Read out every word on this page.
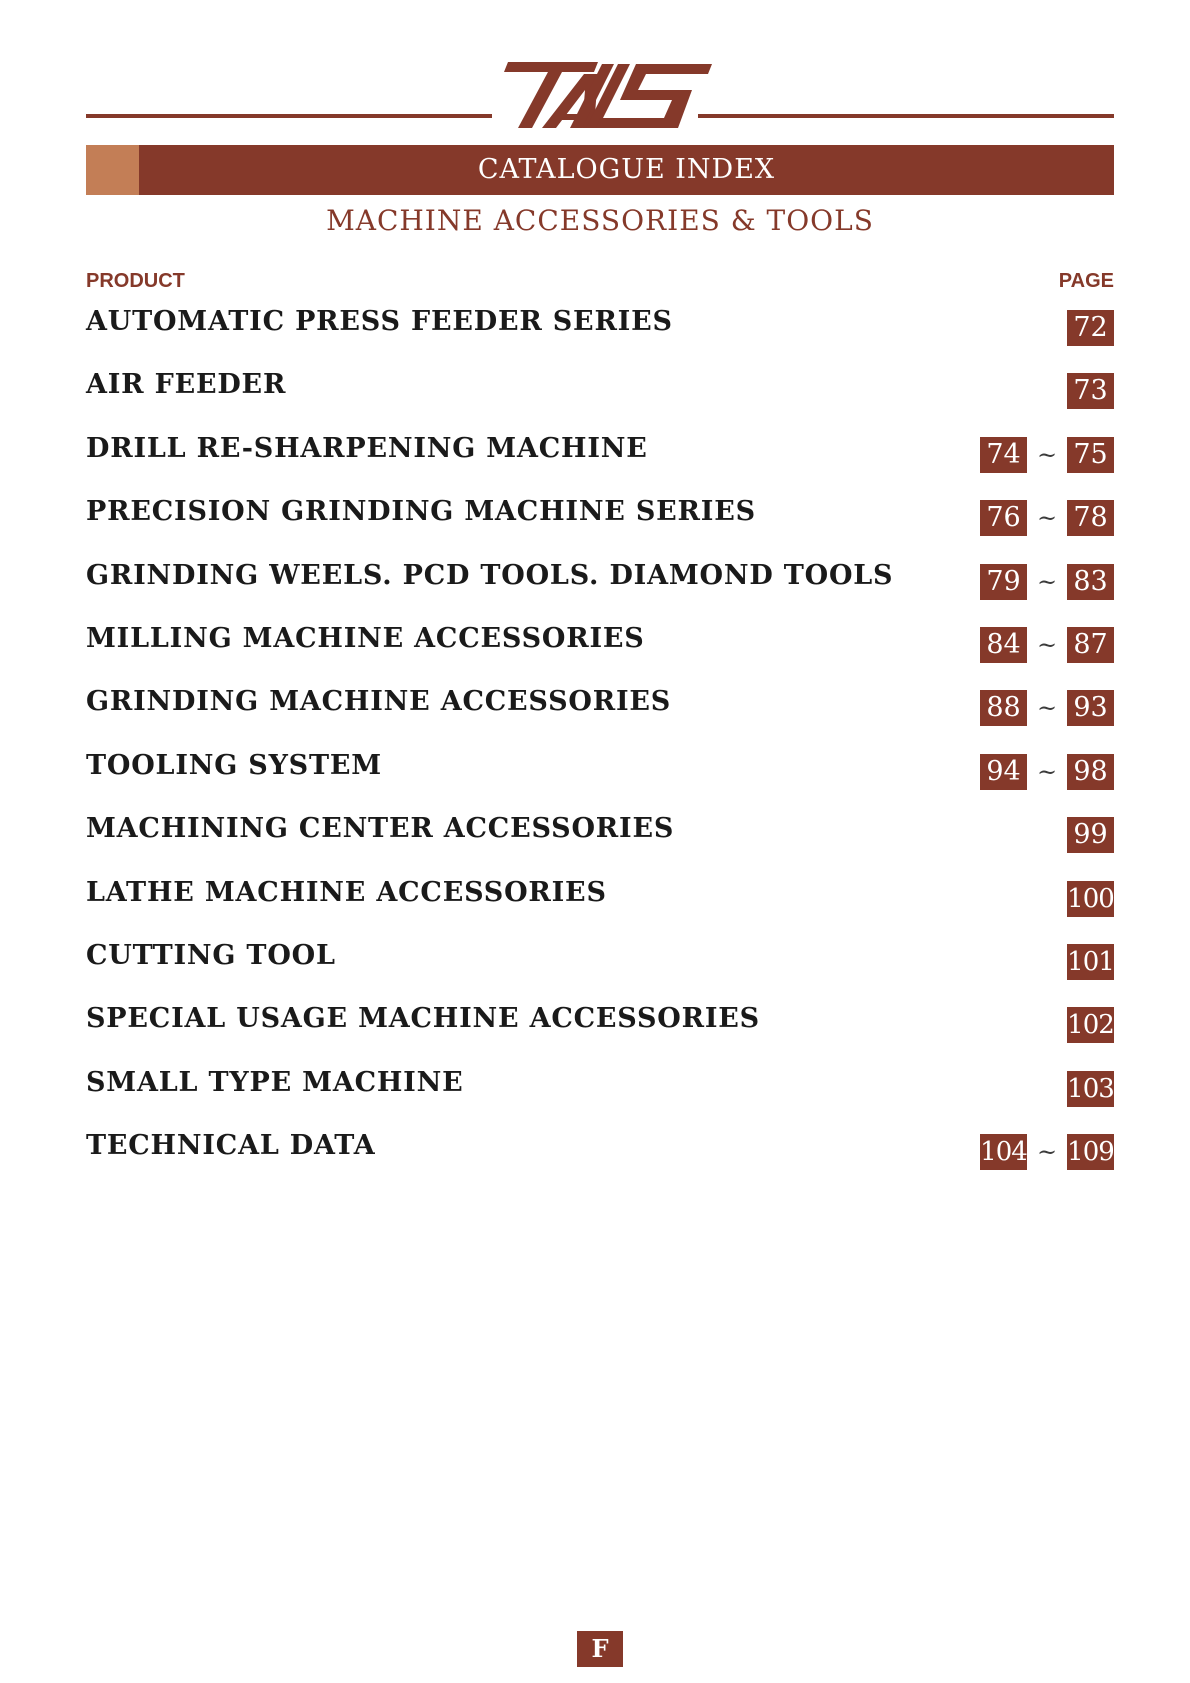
CATALOGUE INDEX
MACHINE ACCESSORIES & TOOLS
PRODUCT	PAGE
AUTOMATIC PRESS FEEDER SERIES	72
AIR FEEDER	73
DRILL RE-SHARPENING MACHINE	74 ~ 75
PRECISION GRINDING MACHINE SERIES	76 ~ 78
GRINDING WEELS. PCD TOOLS. DIAMOND TOOLS	79 ~ 83
MILLING MACHINE ACCESSORIES	84 ~ 87
GRINDING MACHINE ACCESSORIES	88 ~ 93
TOOLING SYSTEM	94 ~ 98
MACHINING CENTER ACCESSORIES	99
LATHE MACHINE ACCESSORIES	100
CUTTING TOOL	101
SPECIAL USAGE MACHINE ACCESSORIES	102
SMALL TYPE MACHINE	103
TECHNICAL DATA	104 ~ 109
F
